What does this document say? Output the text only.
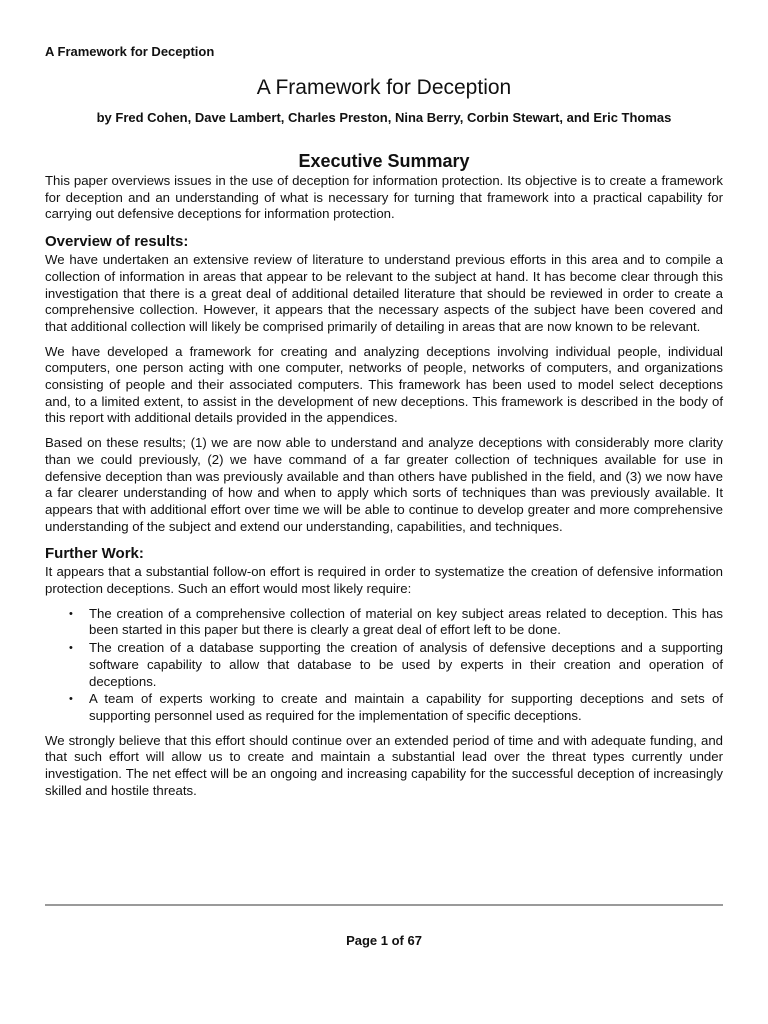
A Framework for Deception
A Framework for Deception
by Fred Cohen, Dave Lambert, Charles Preston, Nina Berry, Corbin Stewart, and Eric Thomas
Executive Summary

This paper overviews issues in the use of deception for information protection. Its objective is to create a framework for deception and an understanding of what is necessary for turning that framework into a practical capability for carrying out defensive deceptions for information protection.

Overview of results:

We have undertaken an extensive review of literature to understand previous efforts in this area and to compile a collection of information in areas that appear to be relevant to the subject at hand. It has become clear through this investigation that there is a great deal of additional detailed literature that should be reviewed in order to create a comprehensive collection. However, it appears that the necessary aspects of the subject have been covered and that additional collection will likely be comprised primarily of detailing in areas that are now known to be relevant.

We have developed a framework for creating and analyzing deceptions involving individual people, individual computers, one person acting with one computer, networks of people, networks of computers, and organizations consisting of people and their associated computers. This framework has been used to model select deceptions and, to a limited extent, to assist in the development of new deceptions. This framework is described in the body of this report with additional details provided in the appendices.

Based on these results; (1) we are now able to understand and analyze deceptions with considerably more clarity than we could previously, (2) we have command of a far greater collection of techniques available for use in defensive deception than was previously available and than others have published in the field, and (3) we now have a far clearer understanding of how and when to apply which sorts of techniques than was previously available. It appears that with additional effort over time we will be able to continue to develop greater and more comprehensive understanding of the subject and extend our understanding, capabilities, and techniques.

Further Work:

It appears that a substantial follow-on effort is required in order to systematize the creation of defensive information protection deceptions. Such an effort would most likely require:

• The creation of a comprehensive collection of material on key subject areas related to deception. This has been started in this paper but there is clearly a great deal of effort left to be done.
• The creation of a database supporting the creation of analysis of defensive deceptions and a supporting software capability to allow that database to be used by experts in their creation and operation of deceptions.
• A team of experts working to create and maintain a capability for supporting deceptions and sets of supporting personnel used as required for the implementation of specific deceptions.

We strongly believe that this effort should continue over an extended period of time and with adequate funding, and that such effort will allow us to create and maintain a substantial lead over the threat types currently under investigation. The net effect will be an ongoing and increasing capability for the successful deception of increasingly skilled and hostile threats.

Page 1 of 67
